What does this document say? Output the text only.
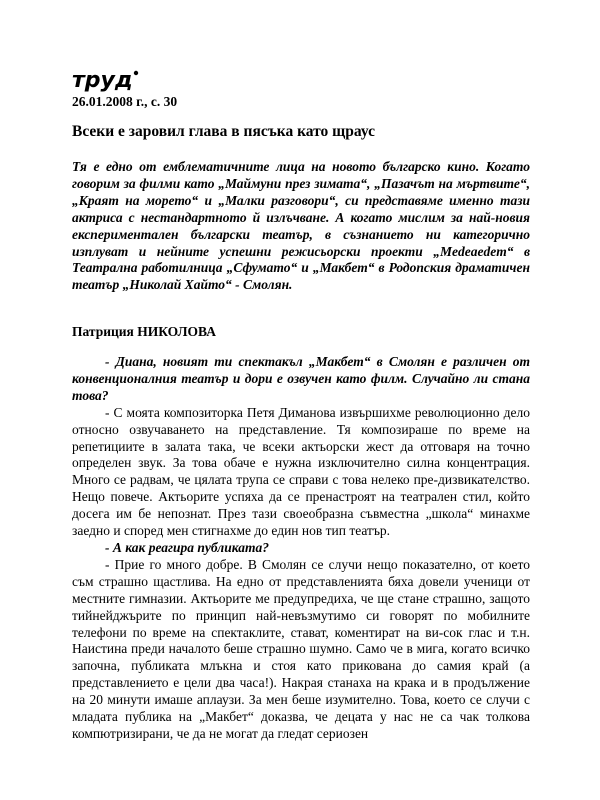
труд
26.01.2008 г., с. 30
Всеки е заровил глава в пясъка като щраус

Тя е едно от емблематичните лица на новото българско кино. Когато говорим за филми като „Маймуни през зимата“, „Пазачът на мъртвите“, „Краят на морето“ и „Малки разговори“, си представяме именно тази актриса с нестандартното й излъчване. А когато мислим за най-новия експериментален български театър, в съзнанието ни категорично изплуват и нейните успешни режисьорски проекти „Medeaedem“ в Театрална работилница „Сфумато“ и „Макбет“ в Родопския драматичен театър „Николай Хайто“ - Смолян.

Патриция НИКОЛОВА

- Диана, новият ти спектакъл „Макбет“ в Смолян е различен от конвенционалния театър и дори е озвучен като филм. Случайно ли стана това?

- С моята композиторка Петя Диманова извършихме революционно дело относно озвучаването на представление. Тя композираше по време на репетициите в залата така, че всеки актьорски жест да отговаря на точно определен звук. За това обаче е нужна изключително силна концентрация. Много се радвам, че цялата трупа се справи с това нелеко пре-дизвикателство. Нещо повече. Актьорите успяха да се пренастроят на театрален стил, който досега им бе непознат. През тази своеобразна съвместна „школа“ минахме заедно и според мен стигнахме до един нов тип театър.

- А как реагира публиката?

- Прие го много добре. В Смолян се случи нещо показателно, от което съм страшно щастлива. На едно от представленията бяха довели ученици от местните гимназии. Актьорите ме предупредиха, че ще стане страшно, защото тийнейджърите по принцип най-невъзмутимо си говорят по мобилните телефони по време на спектаклите, стават, коментират на ви-сок глас и т.н. Наистина преди началото беше страшно шумно. Само че в мига, когато всичко започна, публиката млъкна и стоя като прикована до самия край (а представлението е цели два часа!). Накрая станаха на крака и в продължение на 20 минути имаше аплаузи. За мен беше изумително. Това, което се случи с младата публика на „Макбет“ доказва, че децата у нас не са чак толкова компютризирани, че да не могат да гледат сериозен
